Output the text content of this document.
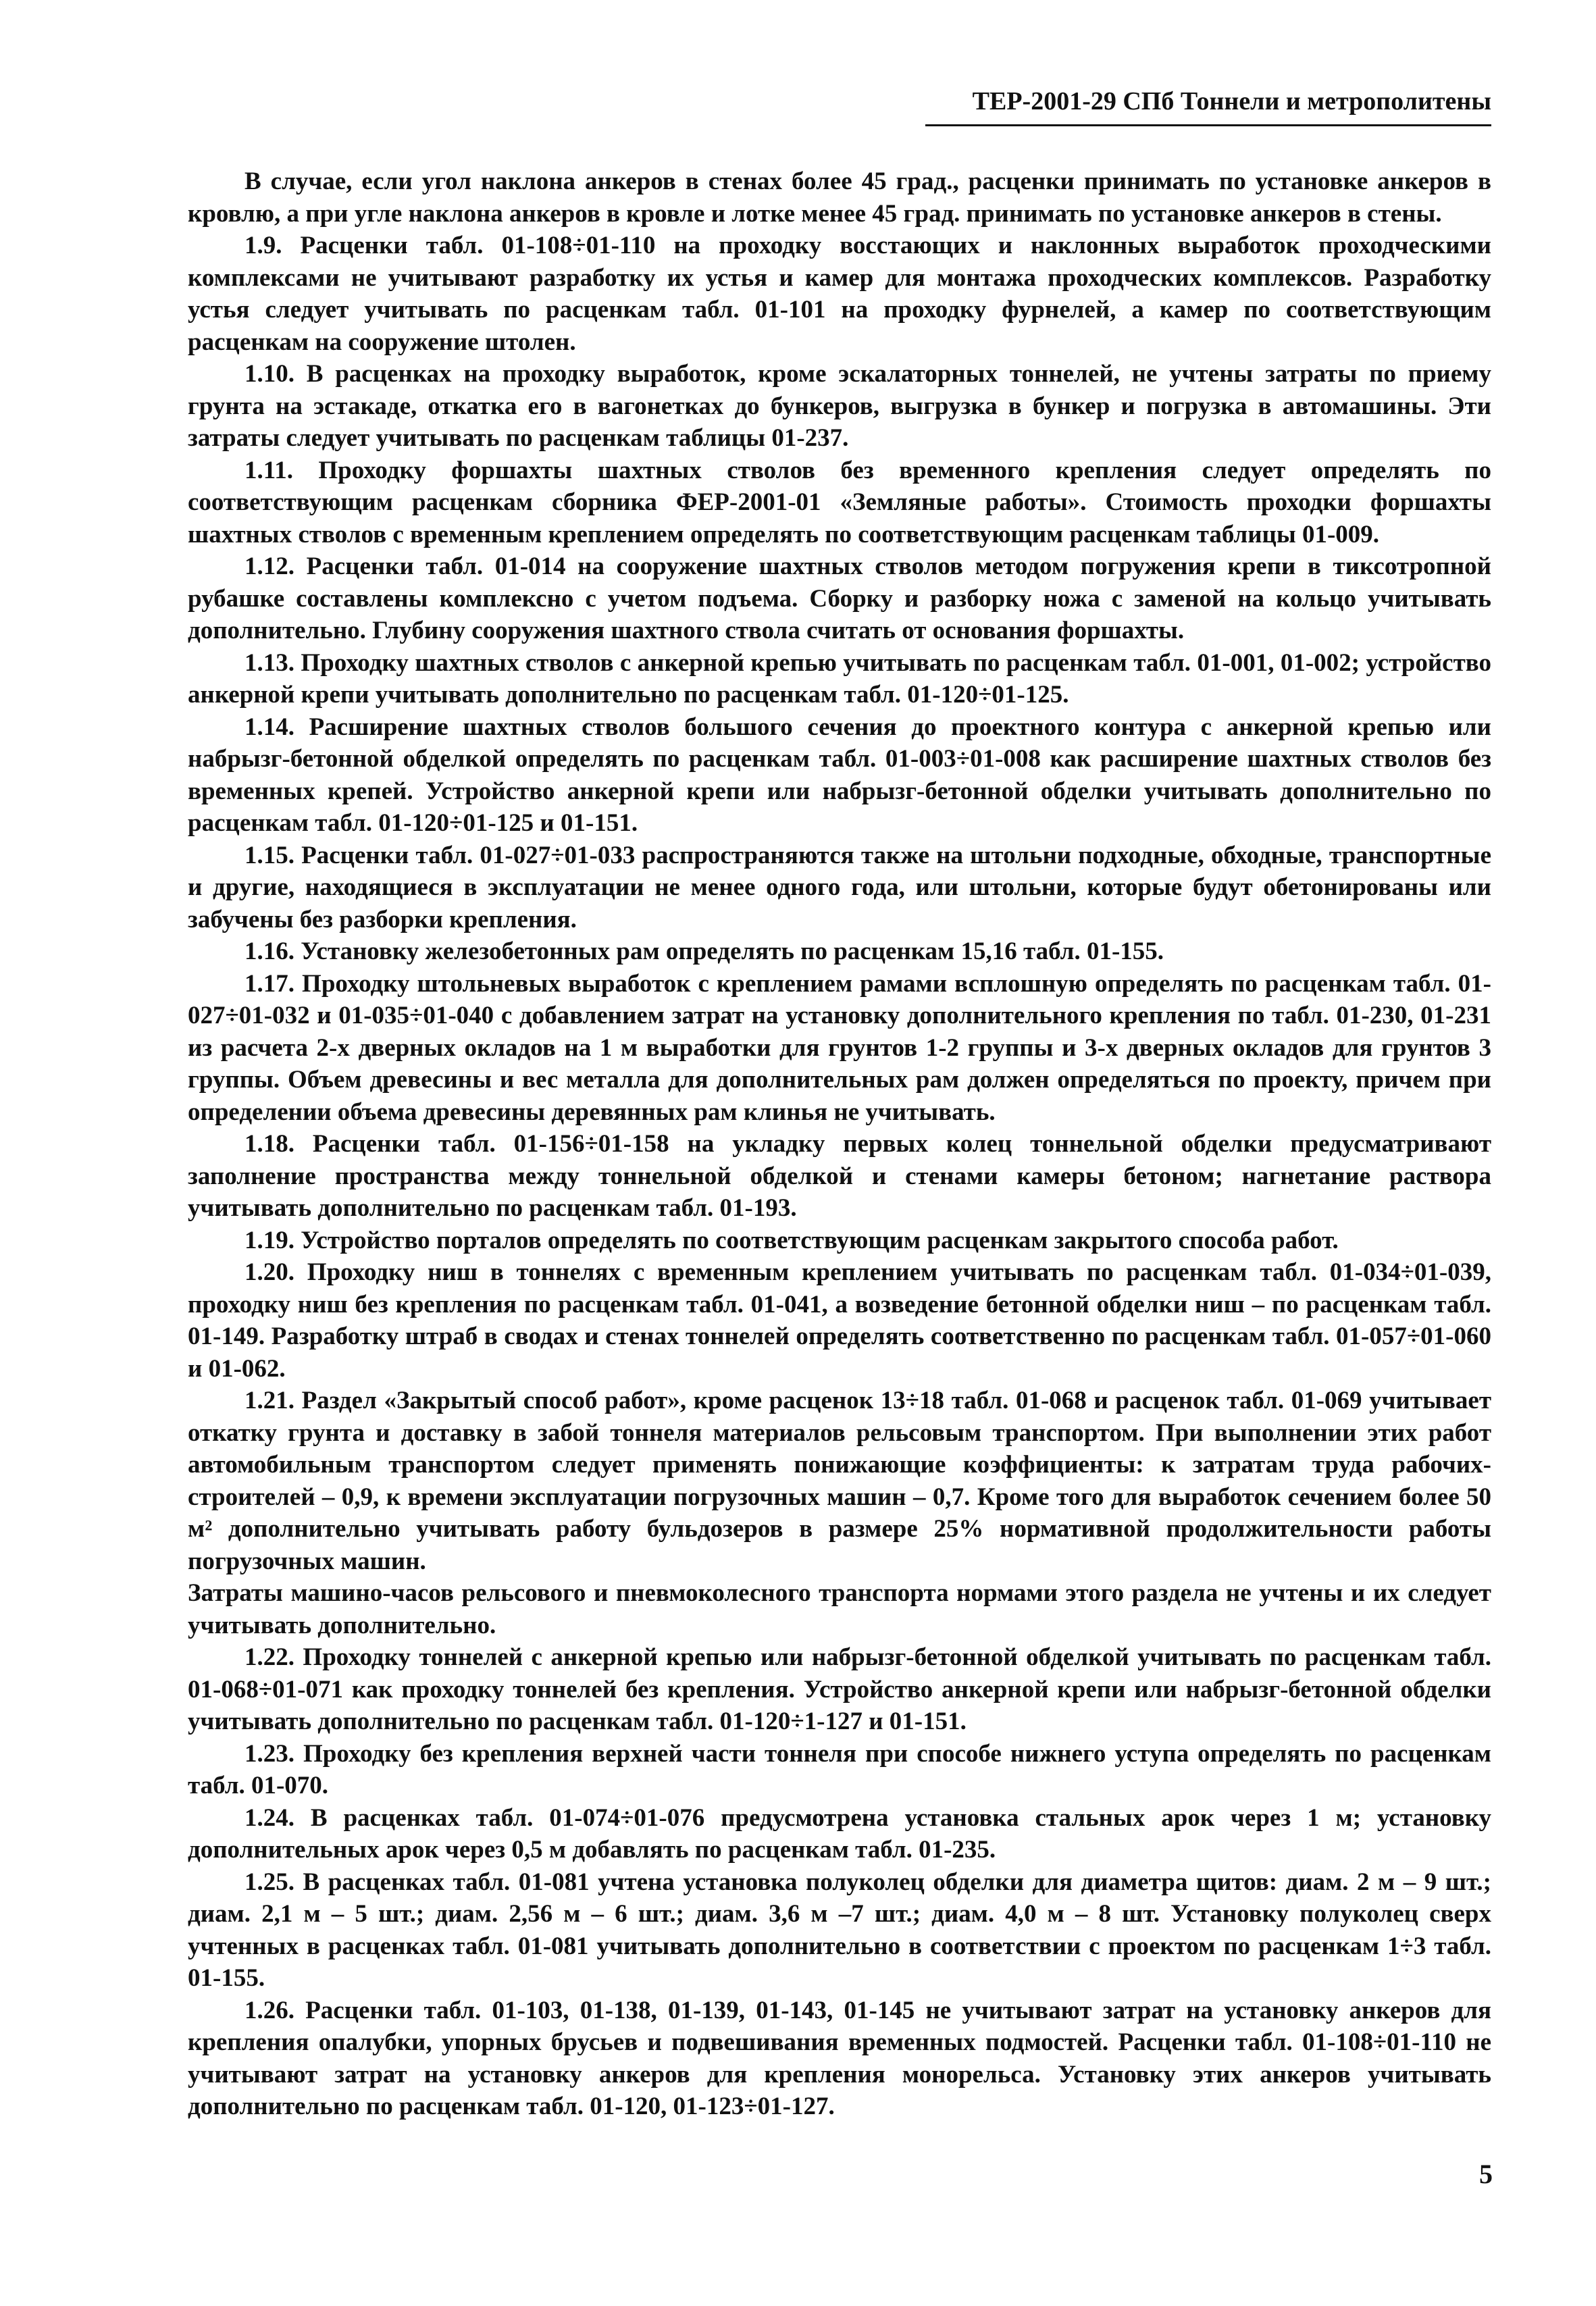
ТЕР-2001-29 СПб Тоннели и метрополитены

В случае, если угол наклона анкеров в стенах более 45 град., расценки принимать по установке анкеров в кровлю, а при угле наклона анкеров в кровле и лотке менее 45 град. принимать по установке анкеров в стены.

1.9. Расценки табл. 01-108÷01-110 на проходку восстающих и наклонных выработок проходческими комплексами не учитывают разработку их устья и камер для монтажа проходческих комплексов. Разработку устья следует учитывать по расценкам табл. 01-101 на проходку фурнелей, а камер по соответствующим расценкам на сооружение штолен.

1.10. В расценках на проходку выработок, кроме эскалаторных тоннелей, не учтены затраты по приему грунта на эстакаде, откатка его в вагонетках до бункеров, выгрузка в бункер и погрузка в автомашины. Эти затраты следует учитывать по расценкам таблицы 01-237.

1.11. Проходку форшахты шахтных стволов без временного крепления следует определять по соответствующим расценкам сборника ФЕР-2001-01 «Земляные работы». Стоимость проходки форшахты шахтных стволов с временным креплением определять по соответствующим расценкам таблицы 01-009.

1.12. Расценки табл. 01-014 на сооружение шахтных стволов методом погружения крепи в тиксотропной рубашке составлены комплексно с учетом подъема. Сборку и разборку ножа с заменой на кольцо учитывать дополнительно. Глубину сооружения шахтного ствола считать от основания форшахты.

1.13. Проходку шахтных стволов с анкерной крепью учитывать по расценкам табл. 01-001, 01-002; устройство анкерной крепи учитывать дополнительно по расценкам табл. 01-120÷01-125.

1.14. Расширение шахтных стволов большого сечения до проектного контура с анкерной крепью или набрызг-бетонной обделкой определять по расценкам табл. 01-003÷01-008 как расширение шахтных стволов без временных крепей. Устройство анкерной крепи или набрызг-бетонной обделки учитывать дополнительно по расценкам табл. 01-120÷01-125 и 01-151.

1.15. Расценки табл. 01-027÷01-033 распространяются также на штольни подходные, обходные, транспортные и другие, находящиеся в эксплуатации не менее одного года, или штольни, которые будут обетонированы или забучены без разборки крепления.

1.16. Установку железобетонных рам определять по расценкам 15,16 табл. 01-155.

1.17. Проходку штольневых выработок с креплением рамами всплошную определять по расценкам табл. 01-027÷01-032 и 01-035÷01-040 с добавлением затрат на установку дополнительного крепления по табл. 01-230, 01-231 из расчета 2-х дверных окладов на 1 м выработки для грунтов 1-2 группы и 3-х дверных окладов для грунтов 3 группы. Объем древесины и вес металла для дополнительных рам должен определяться по проекту, причем при определении объема древесины деревянных рам клинья не учитывать.

1.18. Расценки табл. 01-156÷01-158 на укладку первых колец тоннельной обделки предусматривают заполнение пространства между тоннельной обделкой и стенами камеры бетоном; нагнетание раствора учитывать дополнительно по расценкам табл. 01-193.

1.19. Устройство порталов определять по соответствующим расценкам закрытого способа работ.

1.20. Проходку ниш в тоннелях с временным креплением учитывать по расценкам табл. 01-034÷01-039, проходку ниш без крепления по расценкам табл. 01-041, а возведение бетонной обделки ниш – по расценкам табл. 01-149. Разработку штраб в сводах и стенах тоннелей определять соответственно по расценкам табл. 01-057÷01-060 и 01-062.

1.21. Раздел «Закрытый способ работ», кроме расценок 13÷18 табл. 01-068 и расценок табл. 01-069 учитывает откатку грунта и доставку в забой тоннеля материалов рельсовым транспортом. При выполнении этих работ автомобильным транспортом следует применять понижающие коэффициенты: к затратам труда рабочих-строителей – 0,9, к времени эксплуатации погрузочных машин – 0,7. Кроме того для выработок сечением более 50 м² дополнительно учитывать работу бульдозеров в размере 25% нормативной продолжительности работы погрузочных машин.

Затраты машино-часов рельсового и пневмоколесного транспорта нормами этого раздела не учтены и их следует учитывать дополнительно.

1.22. Проходку тоннелей с анкерной крепью или набрызг-бетонной обделкой учитывать по расценкам табл. 01-068÷01-071 как проходку тоннелей без крепления. Устройство анкерной крепи или набрызг-бетонной обделки учитывать дополнительно по расценкам табл. 01-120÷1-127 и 01-151.

1.23. Проходку без крепления верхней части тоннеля при способе нижнего уступа определять по расценкам табл. 01-070.

1.24. В расценках табл. 01-074÷01-076 предусмотрена установка стальных арок через 1 м; установку дополнительных арок через 0,5 м добавлять по расценкам табл. 01-235.

1.25. В расценках табл. 01-081 учтена установка полуколец обделки для диаметра щитов: диам. 2 м – 9 шт.; диам. 2,1 м – 5 шт.; диам. 2,56 м – 6 шт.; диам. 3,6 м –7 шт.; диам. 4,0 м – 8 шт. Установку полуколец сверх учтенных в расценках табл. 01-081 учитывать дополнительно в соответствии с проектом по расценкам 1÷3 табл. 01-155.

1.26. Расценки табл. 01-103, 01-138, 01-139, 01-143, 01-145 не учитывают затрат на установку анкеров для крепления опалубки, упорных брусьев и подвешивания временных подмостей. Расценки табл. 01-108÷01-110 не учитывают затрат на установку анкеров для крепления монорельса. Установку этих анкеров учитывать дополнительно по расценкам табл. 01-120, 01-123÷01-127.

5
